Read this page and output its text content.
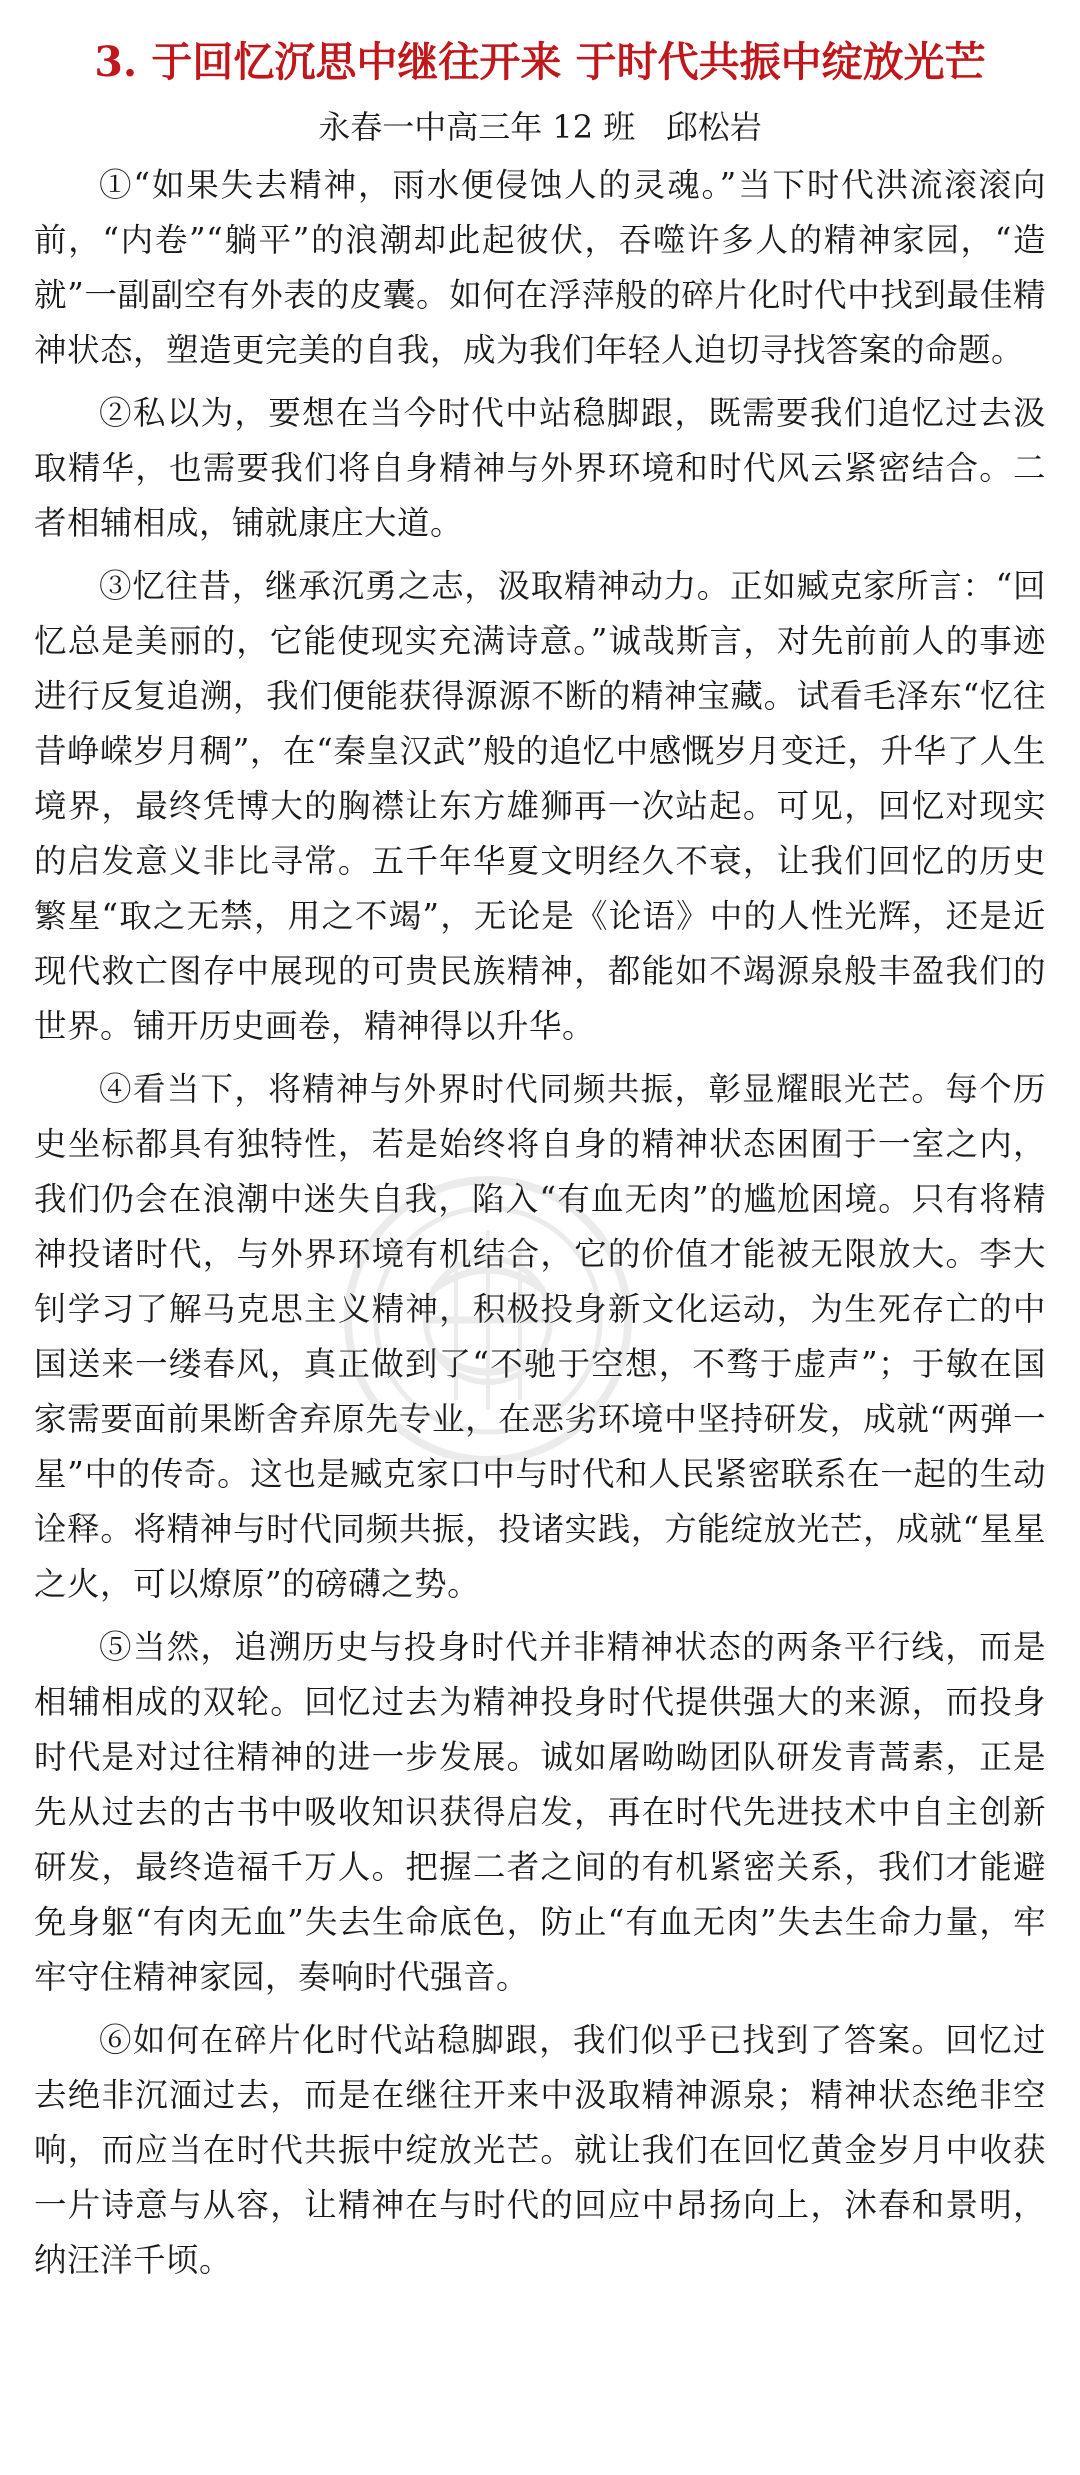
3. 于回忆沉思中继往开来 于时代共振中绽放光芒

永春一中高三年 12 班   邱松岩

①“如果失去精神，雨水便侵蚀人的灵魂。”当下时代洪流滚滚向前，“内卷”“躺平”的浪潮却此起彼伏，吞噬许多人的精神家园，“造就”一副副空有外表的皮囊。如何在浮萍般的碎片化时代中找到最佳精神状态，塑造更完美的自我，成为我们年轻人迫切寻找答案的命题。

②私以为，要想在当今时代中站稳脚跟，既需要我们追忆过去汲取精华，也需要我们将自身精神与外界环境和时代风云紧密结合。二者相辅相成，铺就康庄大道。

③忆往昔，继承沉勇之志，汲取精神动力。正如臧克家所言：“回忆总是美丽的，它能使现实充满诗意。”诚哉斯言，对先前前人的事迹进行反复追溯，我们便能获得源源不断的精神宝藏。试看毛泽东“忆往昔峥嵘岁月稠”，在“秦皇汉武”般的追忆中感慨岁月变迁，升华了人生境界，最终凭博大的胸襟让东方雄狮再一次站起。可见，回忆对现实的启发意义非比寻常。五千年华夏文明经久不衰，让我们回忆的历史繁星“取之无禁，用之不竭”，无论是《论语》中的人性光辉，还是近现代救亡图存中展现的可贵民族精神，都能如不竭源泉般丰盈我们的世界。铺开历史画卷，精神得以升华。

④看当下，将精神与外界时代同频共振，彰显耀眼光芒。每个历史坐标都具有独特性，若是始终将自身的精神状态困囿于一室之内，我们仍会在浪潮中迷失自我，陷入“有血无肉”的尴尬困境。只有将精神投诸时代，与外界环境有机结合，它的价值才能被无限放大。李大钊学习了解马克思主义精神，积极投身新文化运动，为生死存亡的中国送来一缕春风，真正做到了“不驰于空想，不骛于虚声”；于敏在国家需要面前果断舍弃原先专业，在恶劣环境中坚持研发，成就“两弹一星”中的传奇。这也是臧克家口中与时代和人民紧密联系在一起的生动诠释。将精神与时代同频共振，投诸实践，方能绽放光芒，成就“星星之火，可以燎原”的磅礴之势。

⑤当然，追溯历史与投身时代并非精神状态的两条平行线，而是相辅相成的双轮。回忆过去为精神投身时代提供强大的来源，而投身时代是对过往精神的进一步发展。诚如屠呦呦团队研发青蒿素，正是先从过去的古书中吸收知识获得启发，再在时代先进技术中自主创新研发，最终造福千万人。把握二者之间的有机紧密关系，我们才能避免身躯“有肉无血”失去生命底色，防止“有血无肉”失去生命力量，牢牢守住精神家园，奏响时代强音。

⑥如何在碎片化时代站稳脚跟，我们似乎已找到了答案。回忆过去绝非沉湎过去，而是在继往开来中汲取精神源泉；精神状态绝非空响，而应当在时代共振中绽放光芒。就让我们在回忆黄金岁月中收获一片诗意与从容，让精神在与时代的回应中昂扬向上，沐春和景明，纳汪洋千顷。
